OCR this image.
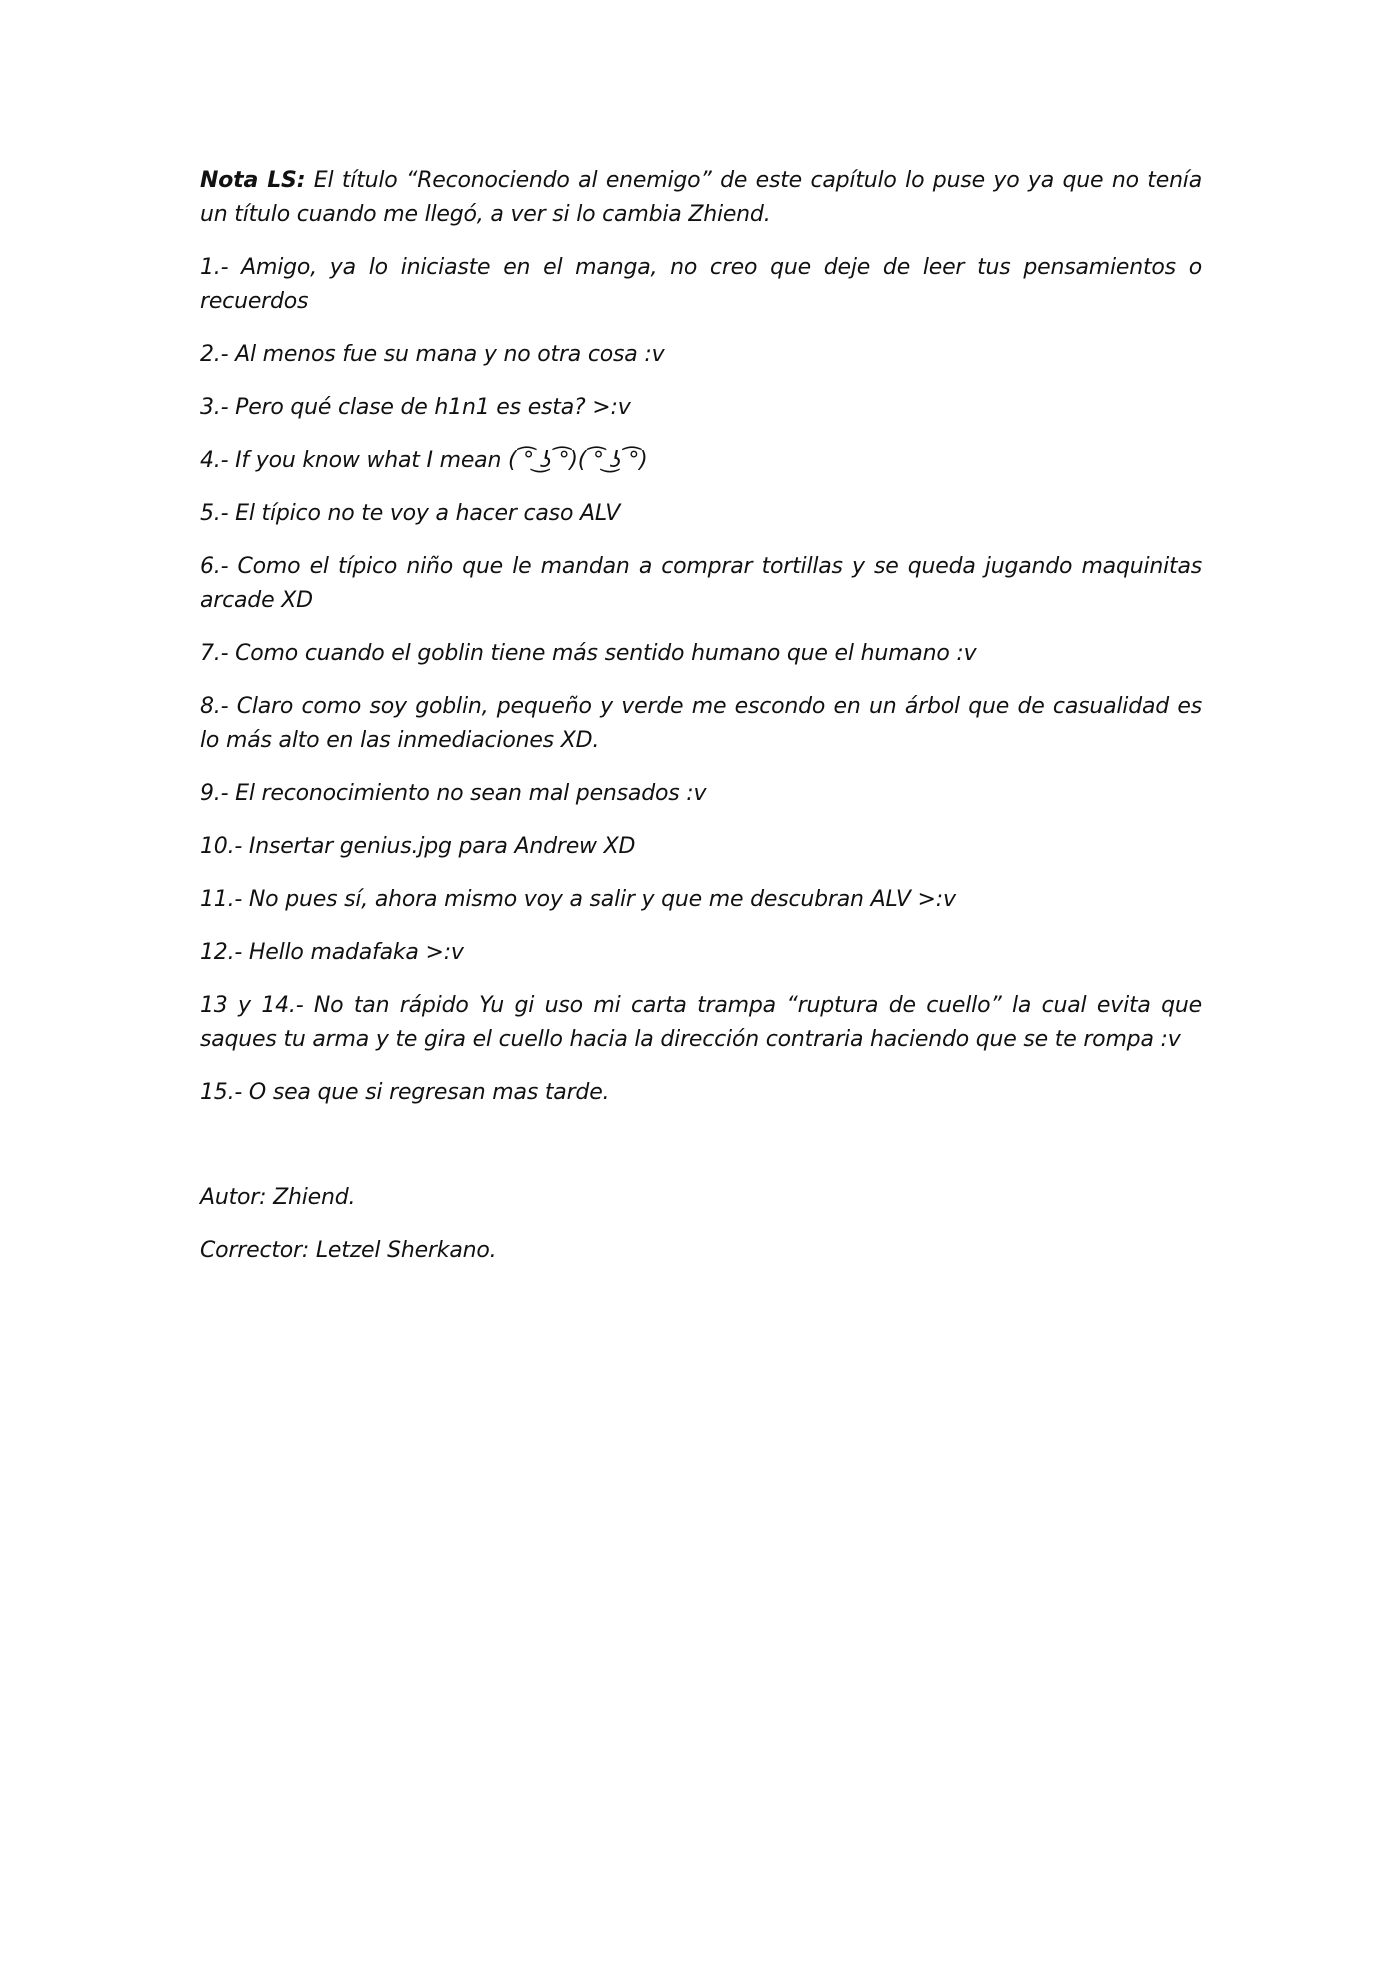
Nota LS: El título “Reconociendo al enemigo” de este capítulo lo puse yo ya que no tenía un título cuando me llegó, a ver si lo cambia Zhiend.

1.- Amigo, ya lo iniciaste en el manga, no creo que deje de leer tus pensamientos o recuerdos

2.- Al menos fue su mana y no otra cosa :v

3.- Pero qué clase de h1n1 es esta? >:v

4.- If you know what I mean ( ͡° ͜ʖ ͡°)( ͡° ͜ʖ ͡°)

5.- El típico no te voy a hacer caso ALV

6.- Como el típico niño que le mandan a comprar tortillas y se queda jugando maquinitas arcade XD

7.- Como cuando el goblin tiene más sentido humano que el humano :v

8.- Claro como soy goblin, pequeño y verde me escondo en un árbol que de casualidad es lo más alto en las inmediaciones XD.

9.- El reconocimiento no sean mal pensados :v

10.- Insertar genius.jpg para Andrew XD

11.- No pues sí, ahora mismo voy a salir y que me descubran ALV >:v

12.- Hello madafaka >:v

13 y 14.- No tan rápido Yu gi uso mi carta trampa “ruptura de cuello” la cual evita que saques tu arma y te gira el cuello hacia la dirección contraria haciendo que se te rompa :v

15.- O sea que si regresan mas tarde.

Autor: Zhiend.

Corrector: Letzel Sherkano.
